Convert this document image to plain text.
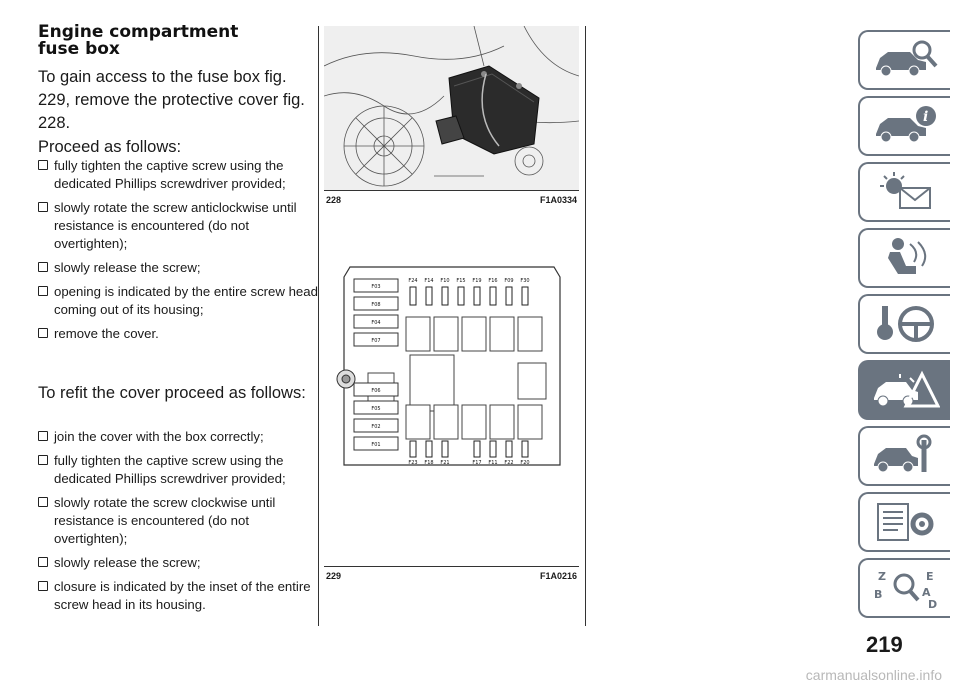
Engine compartment
fuse box

To gain access to the fuse box fig. 229, remove the protective cover fig. 228.

Proceed as follows:

fully tighten the captive screw using the dedicated Phillips screwdriver provided;
slowly rotate the screw anticlockwise until resistance is encountered (do not overtighten);
slowly release the screw;
opening is indicated by the entire screw head coming out of its housing;
remove the cover.

To refit the cover proceed as follows:

join the cover with the box correctly;
fully tighten the captive screw using the dedicated Phillips screwdriver provided;
slowly rotate the screw clockwise until resistance is encountered (do not overtighten);
slowly release the screw;
closure is indicated by the inset of the entire screw head in its housing.
228	F1A0334
F03
F08
F04
F07
F06
F05
F02
F01
F24 F14 F10 F15 F19 F16 F09 F30
F23 F18 F21	F17 F11 F22 F20
229	F1A0216
i
Z	E
B	A
D
219
carmanualsonline.info
